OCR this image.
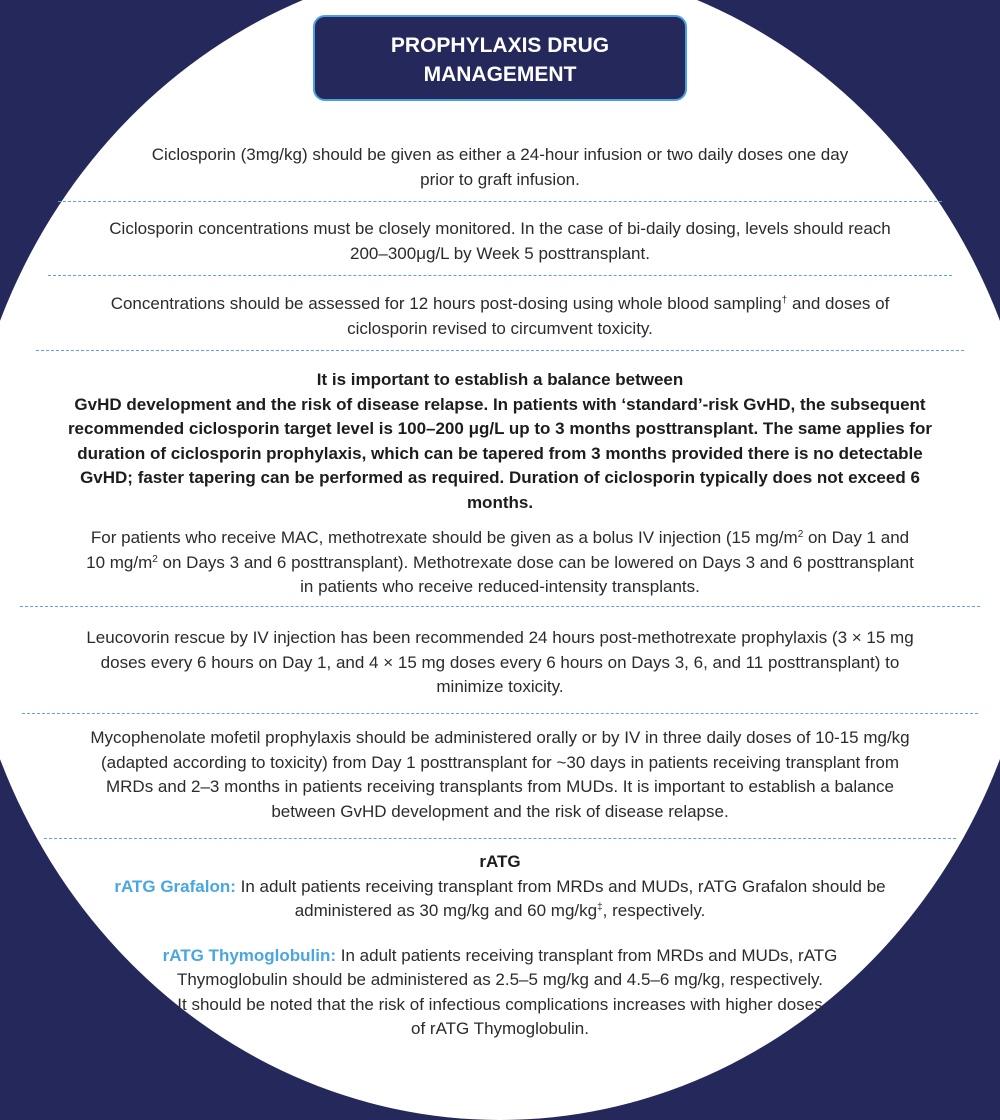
PROPHYLAXIS DRUG
MANAGEMENT

Ciclosporin (3mg/kg) should be given as either a 24-hour infusion or two daily doses one day

prior to graft infusion.

Ciclosporin concentrations must be closely monitored. In the case of bi-daily dosing, levels should reach

200–300μg/L by Week 5 posttransplant.

Concentrations should be assessed for 12 hours post-dosing using whole blood sampling† and doses of

ciclosporin revised to circumvent toxicity.

It is important to establish a balance between

GvHD development and the risk of disease relapse. In patients with ‘standard’-risk GvHD, the subsequent

recommended ciclosporin target level is 100–200 μg/L up to 3 months posttransplant. The same applies for

duration of ciclosporin prophylaxis, which can be tapered from 3 months provided there is no detectable

GvHD; faster tapering can be performed as required. Duration of ciclosporin typically does not exceed 6

months.

For patients who receive MAC, methotrexate should be given as a bolus IV injection (15 $mg/m^2$ on Day 1 and

10 $mg/m^2$ on Days 3 and 6 posttransplant). Methotrexate dose can be lowered on Days 3 and 6 posttransplant

in patients who receive reduced-intensity transplants.

Leucovorin rescue by IV injection has been recommended 24 hours post-methotrexate prophylaxis (3 × 15 mg

doses every 6 hours on Day 1, and 4 × 15 mg doses every 6 hours on Days 3, 6, and 11 posttransplant) to

minimize toxicity.

Mycophenolate mofetil prophylaxis should be administered orally or by IV in three daily doses of 10-15 mg/kg

(adapted according to toxicity) from Day 1 posttransplant for ~30 days in patients receiving transplant from

MRDs and 2–3 months in patients receiving transplants from MUDs. It is important to establish a balance

between GvHD development and the risk of disease relapse.

rATG

rATG Grafalon: In adult patients receiving transplant from MRDs and MUDs, rATG Grafalon should be

administered as 30 mg/kg and 60 mg/kg‡, respectively.

rATG Thymoglobulin: In adult patients receiving transplant from MRDs and MUDs, rATG

Thymoglobulin should be administered as 2.5–5 mg/kg and 4.5–6 mg/kg, respectively.

It should be noted that the risk of infectious complications increases with higher doses

of rATG Thymoglobulin.
